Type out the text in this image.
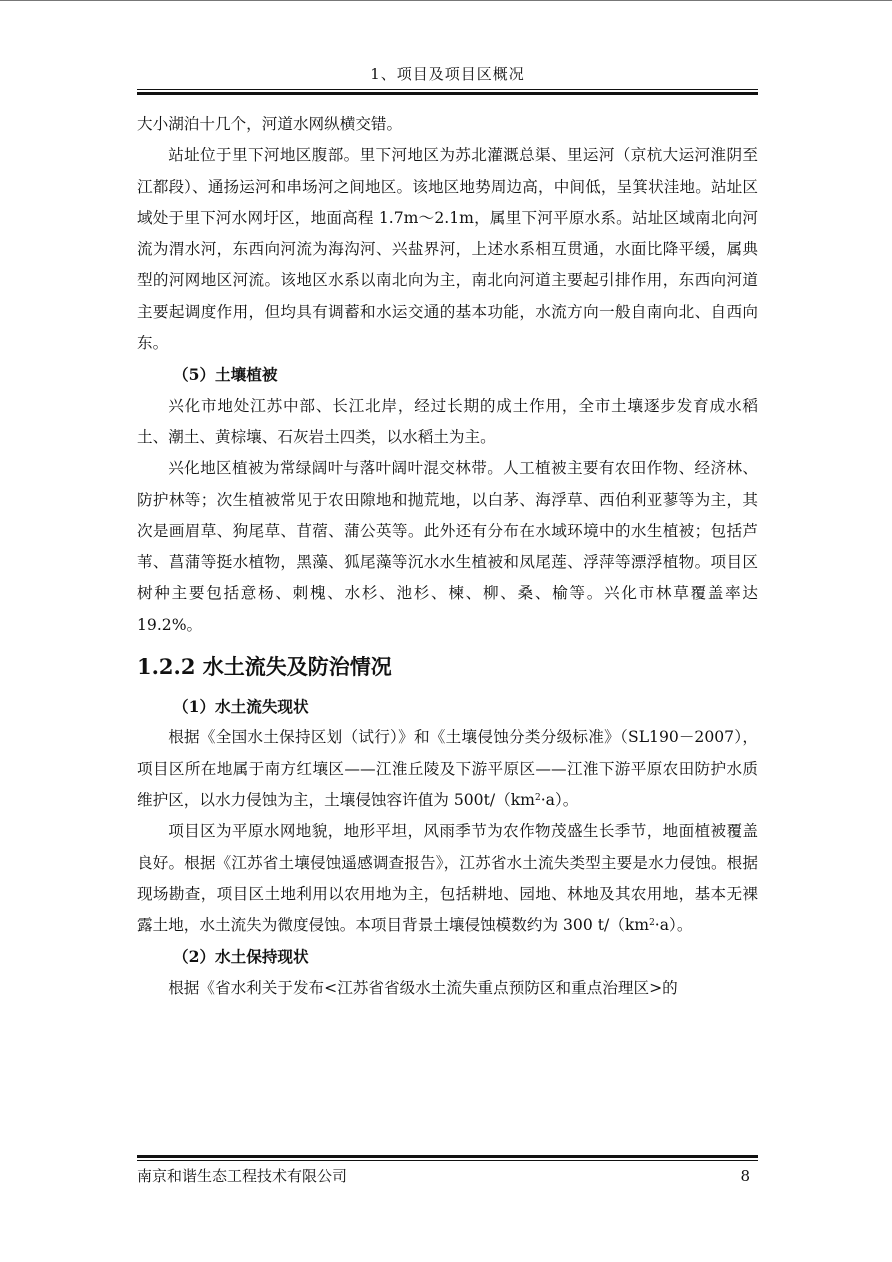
1、项目及项目区概况

大小湖泊十几个，河道水网纵横交错。

站址位于里下河地区腹部。里下河地区为苏北灌溉总渠、里运河（京杭大运河淮阴至江都段）、通扬运河和串场河之间地区。该地区地势周边高，中间低，呈箕状洼地。站址区域处于里下河水网圩区，地面高程 1.7m～2.1m，属里下河平原水系。站址区域南北向河流为渭水河，东西向河流为海沟河、兴盐界河，上述水系相互贯通，水面比降平缓，属典型的河网地区河流。该地区水系以南北向为主，南北向河道主要起引排作用，东西向河道主要起调度作用，但均具有调蓄和水运交通的基本功能，水流方向一般自南向北、自西向东。

（5）土壤植被

兴化市地处江苏中部、长江北岸，经过长期的成土作用，全市土壤逐步发育成水稻土、潮土、黄棕壤、石灰岩土四类，以水稻土为主。

兴化地区植被为常绿阔叶与落叶阔叶混交林带。人工植被主要有农田作物、经济林、防护林等；次生植被常见于农田隙地和抛荒地，以白茅、海浮草、西伯利亚蓼等为主，其次是画眉草、狗尾草、苜蓿、蒲公英等。此外还有分布在水域环境中的水生植被；包括芦苇、菖蒲等挺水植物，黑藻、狐尾藻等沉水水生植被和凤尾莲、浮萍等漂浮植物。项目区树种主要包括意杨、刺槐、水杉、池杉、楝、柳、桑、榆等。兴化市林草覆盖率达 19.2%。

1.2.2 水土流失及防治情况
（1）水土流失现状

根据《全国水土保持区划（试行）》和《土壤侵蚀分类分级标准》（SL190－2007），项目区所在地属于南方红壤区——江淮丘陵及下游平原区——江淮下游平原农田防护水质维护区，以水力侵蚀为主，土壤侵蚀容许值为 $500t/(km^2\cdot a)$。

项目区为平原水网地貌，地形平坦，风雨季节为农作物茂盛生长季节，地面植被覆盖良好。根据《江苏省土壤侵蚀遥感调查报告》，江苏省水土流失类型主要是水力侵蚀。根据现场勘查，项目区土地利用以农用地为主，包括耕地、园地、林地及其农用地，基本无裸露土地，水土流失为微度侵蚀。本项目背景土壤侵蚀模数约为 300 $t/(km^2\cdot a)$。

（2）水土保持现状

根据《省水利关于发布<江苏省省级水土流失重点预防区和重点治理区>的

南京和谐生态工程技术有限公司	8
